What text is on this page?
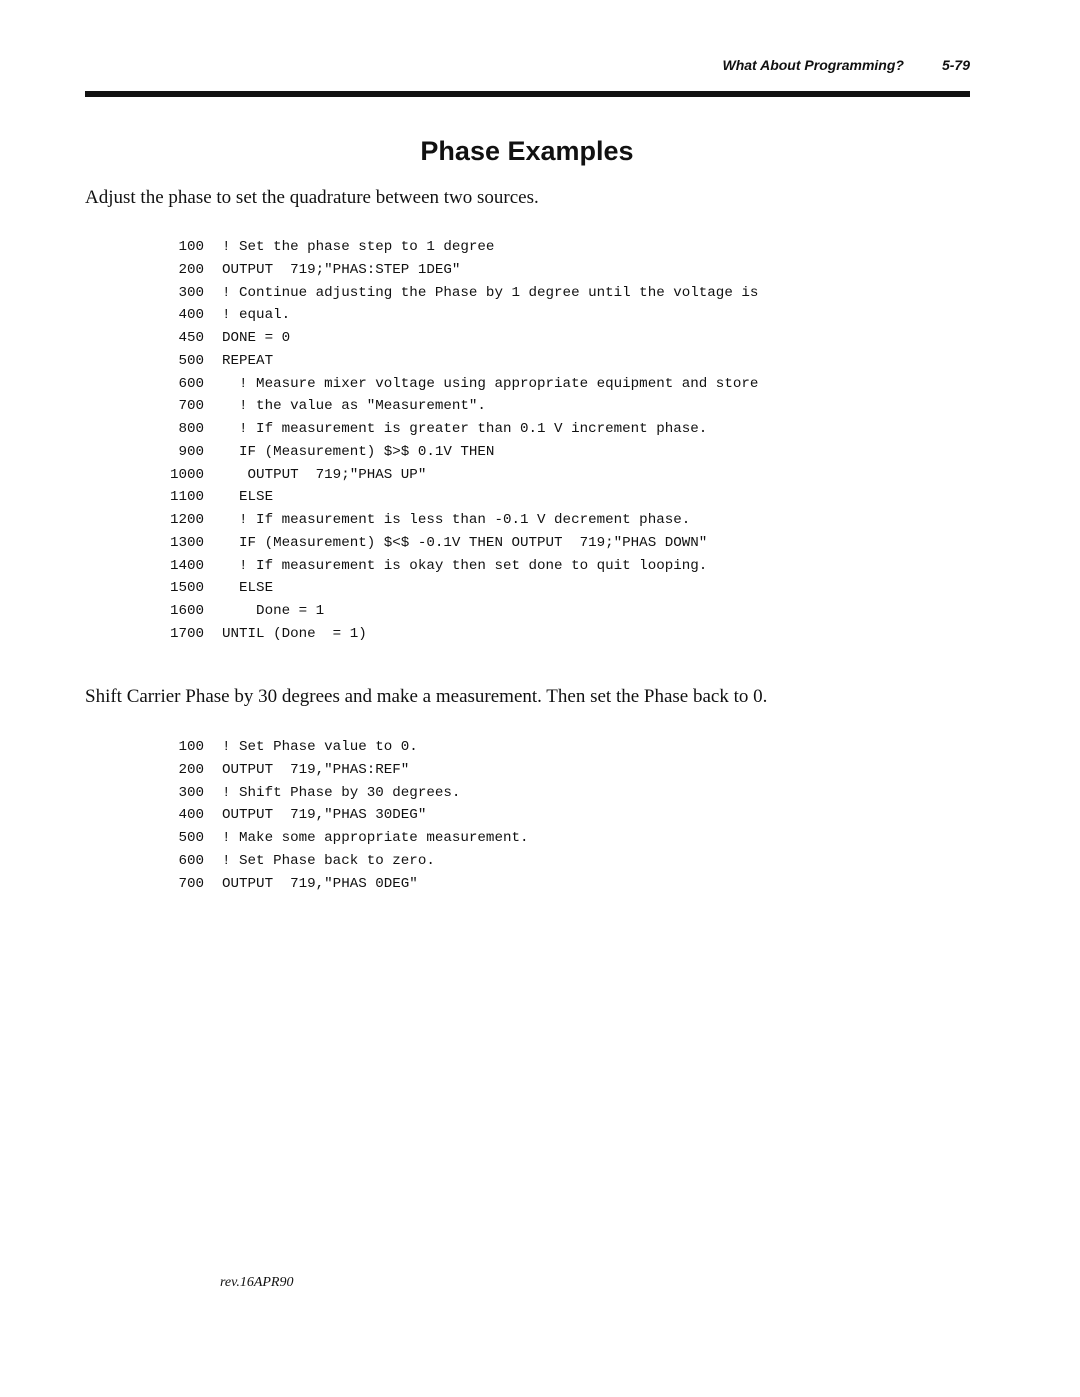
What About Programming?	5-79
Phase Examples
Adjust the phase to set the quadrature between two sources.
100 ! Set the phase step to 1 degree
200 OUTPUT  719;"PHAS:STEP 1DEG"
300 ! Continue adjusting the Phase by 1 degree until the voltage is
400 ! equal.
450 DONE = 0
500 REPEAT
600 ! Measure mixer voltage using appropriate equipment and store
700 ! the value as "Measurement".
800 ! If measurement is greater than 0.1 V increment phase.
900 IF (Measurement) $>$ 0.1V THEN
1000 OUTPUT  719;"PHAS UP"
1100 ELSE
1200 ! If measurement is less than -0.1 V decrement phase.
1300 IF (Measurement) $<$ -0.1V THEN OUTPUT  719;"PHAS DOWN"
1400 ! If measurement is okay then set done to quit looping.
1500 ELSE
1600 Done = 1
1700 UNTIL (Done  = 1)
Shift Carrier Phase by 30 degrees and make a measurement. Then set the Phase back to 0.
100 ! Set Phase value to 0.
200 OUTPUT  719,"PHAS:REF"
300 ! Shift Phase by 30 degrees.
400 OUTPUT  719,"PHAS 30DEG"
500 ! Make some appropriate measurement.
600 ! Set Phase back to zero.
700 OUTPUT  719,"PHAS 0DEG"
rev.16APR90
